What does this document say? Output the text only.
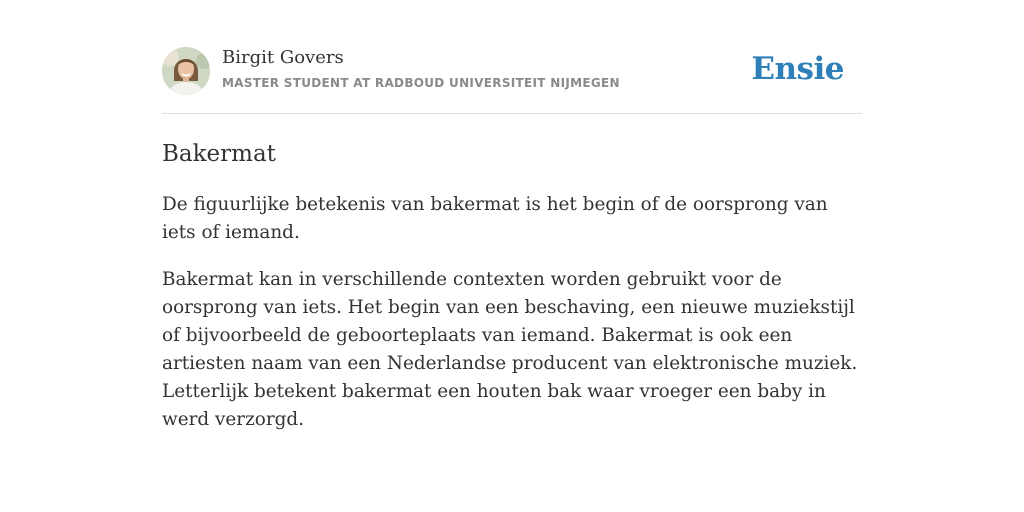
Birgit Govers
MASTER STUDENT AT RADBOUD UNIVERSITEIT NIJMEGEN	Ensie
Bakermat

De figuurlijke betekenis van bakermat is het begin of de oorsprong van iets of iemand.

Bakermat kan in verschillende contexten worden gebruikt voor de oorsprong van iets. Het begin van een beschaving, een nieuwe muziekstijl of bijvoorbeeld de geboorteplaats van iemand. Bakermat is ook een artiesten naam van een Nederlandse producent van elektronische muziek. Letterlijk betekent bakermat een houten bak waar vroeger een baby in werd verzorgd.
